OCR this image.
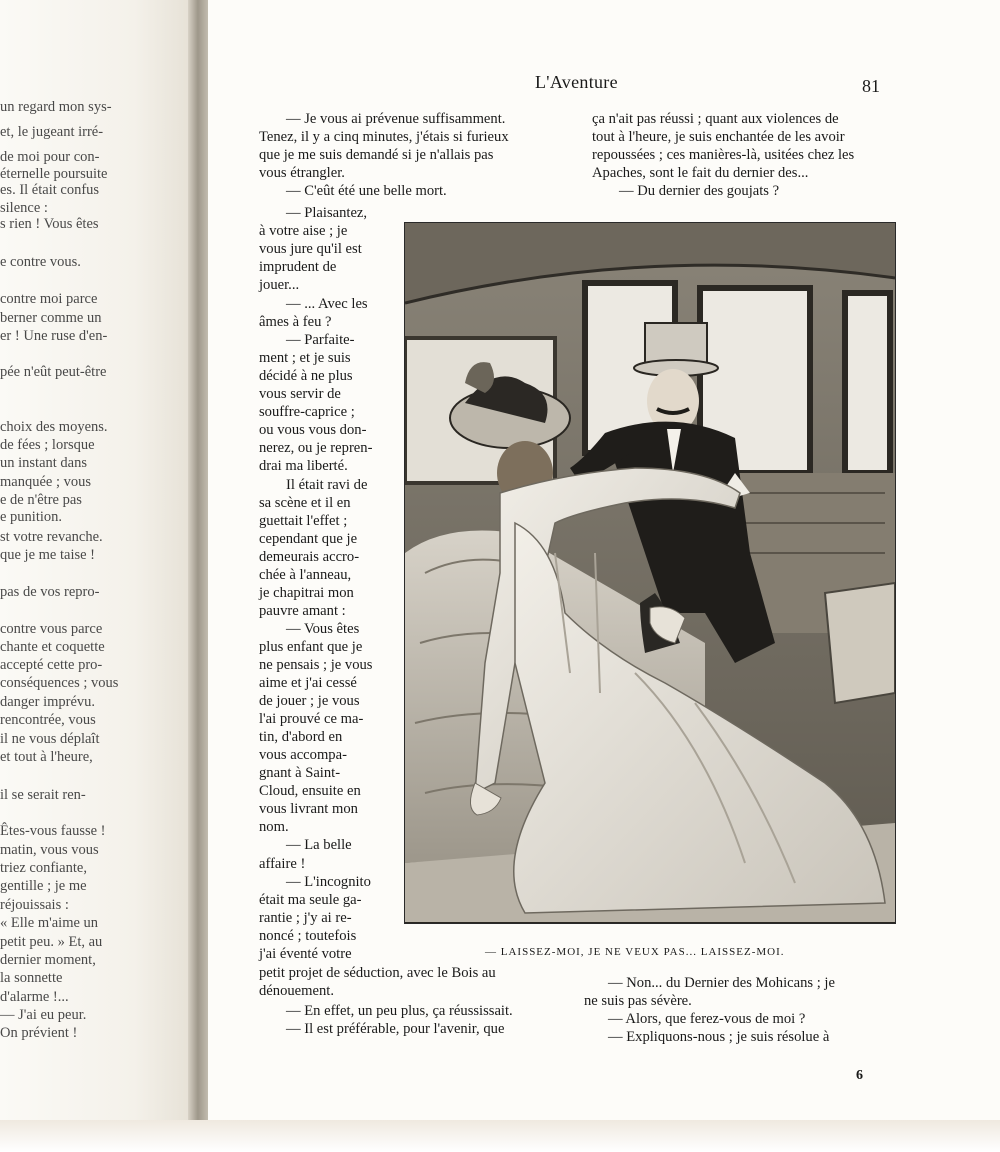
un regard mon sys-
et, le jugeant irré-
de moi pour con-
éternelle poursuite
es. Il était confus
silence :
s rien ! Vous êtes
e contre vous.
contre moi parce
berner comme un
er ! Une ruse d'en-
pée n'eût peut-être
choix des moyens.
de fées ; lorsque
un instant dans
manquée ; vous
e de n'être pas
e punition.
st votre revanche.
que je me taise !
pas de vos repro-
contre vous parce
chante et coquette
accepté cette pro-
conséquences ; vous
danger imprévu.
rencontrée, vous
il ne vous déplaît
et tout à l'heure,
il se serait ren-
Êtes-vous fausse !
matin, vous vous
triez confiante,
gentille ; je me
réjouissais :
« Elle m'aime un
petit peu. » Et, au
dernier moment,
la sonnette
d'alarme !...
— J'ai eu peur.
On prévient !
L'Aventure	81
— Je vous ai prévenue suffisamment.
Tenez, il y a cinq minutes, j'étais si furieux
que je me suis demandé si je n'allais pas
vous étrangler.
— C'eût été une belle mort.
— Plaisantez,
à votre aise ; je
vous jure qu'il est
imprudent de
jouer...
— ... Avec les
âmes à feu ?
— Parfaite-
ment ; et je suis
décidé à ne plus
vous servir de
souffre-caprice ;
ou vous vous don-
nerez, ou je repren-
drai ma liberté.
Il était ravi de
sa scène et il en
guettait l'effet ;
cependant que je
demeurais accro-
chée à l'anneau,
je chapitrai mon
pauvre amant :
— Vous êtes
plus enfant que je
ne pensais ; je vous
aime et j'ai cessé
de jouer ; je vous
l'ai prouvé ce ma-
tin, d'abord en
vous accompa-
gnant à Saint-
Cloud, ensuite en
vous livrant mon
nom.
— La belle
affaire !
— L'incognito
était ma seule ga-
rantie ; j'y ai re-
noncé ; toutefois
j'ai éventé votre
petit projet de séduction, avec le Bois au
dénouement.
— En effet, un peu plus, ça réussissait.
— Il est préférable, pour l'avenir, que
ça n'ait pas réussi ; quant aux violences de
tout à l'heure, je suis enchantée de les avoir
repoussées ; ces manières-là, usitées chez les
Apaches, sont le fait du dernier des...
— Du dernier des goujats ?
— Non... du Dernier des Mohicans ; je
ne suis pas sévère.
— Alors, que ferez-vous de moi ?
— Expliquons-nous ; je suis résolue à
— LAISSEZ-MOI, JE NE VEUX PAS... LAISSEZ-MOI.
6
